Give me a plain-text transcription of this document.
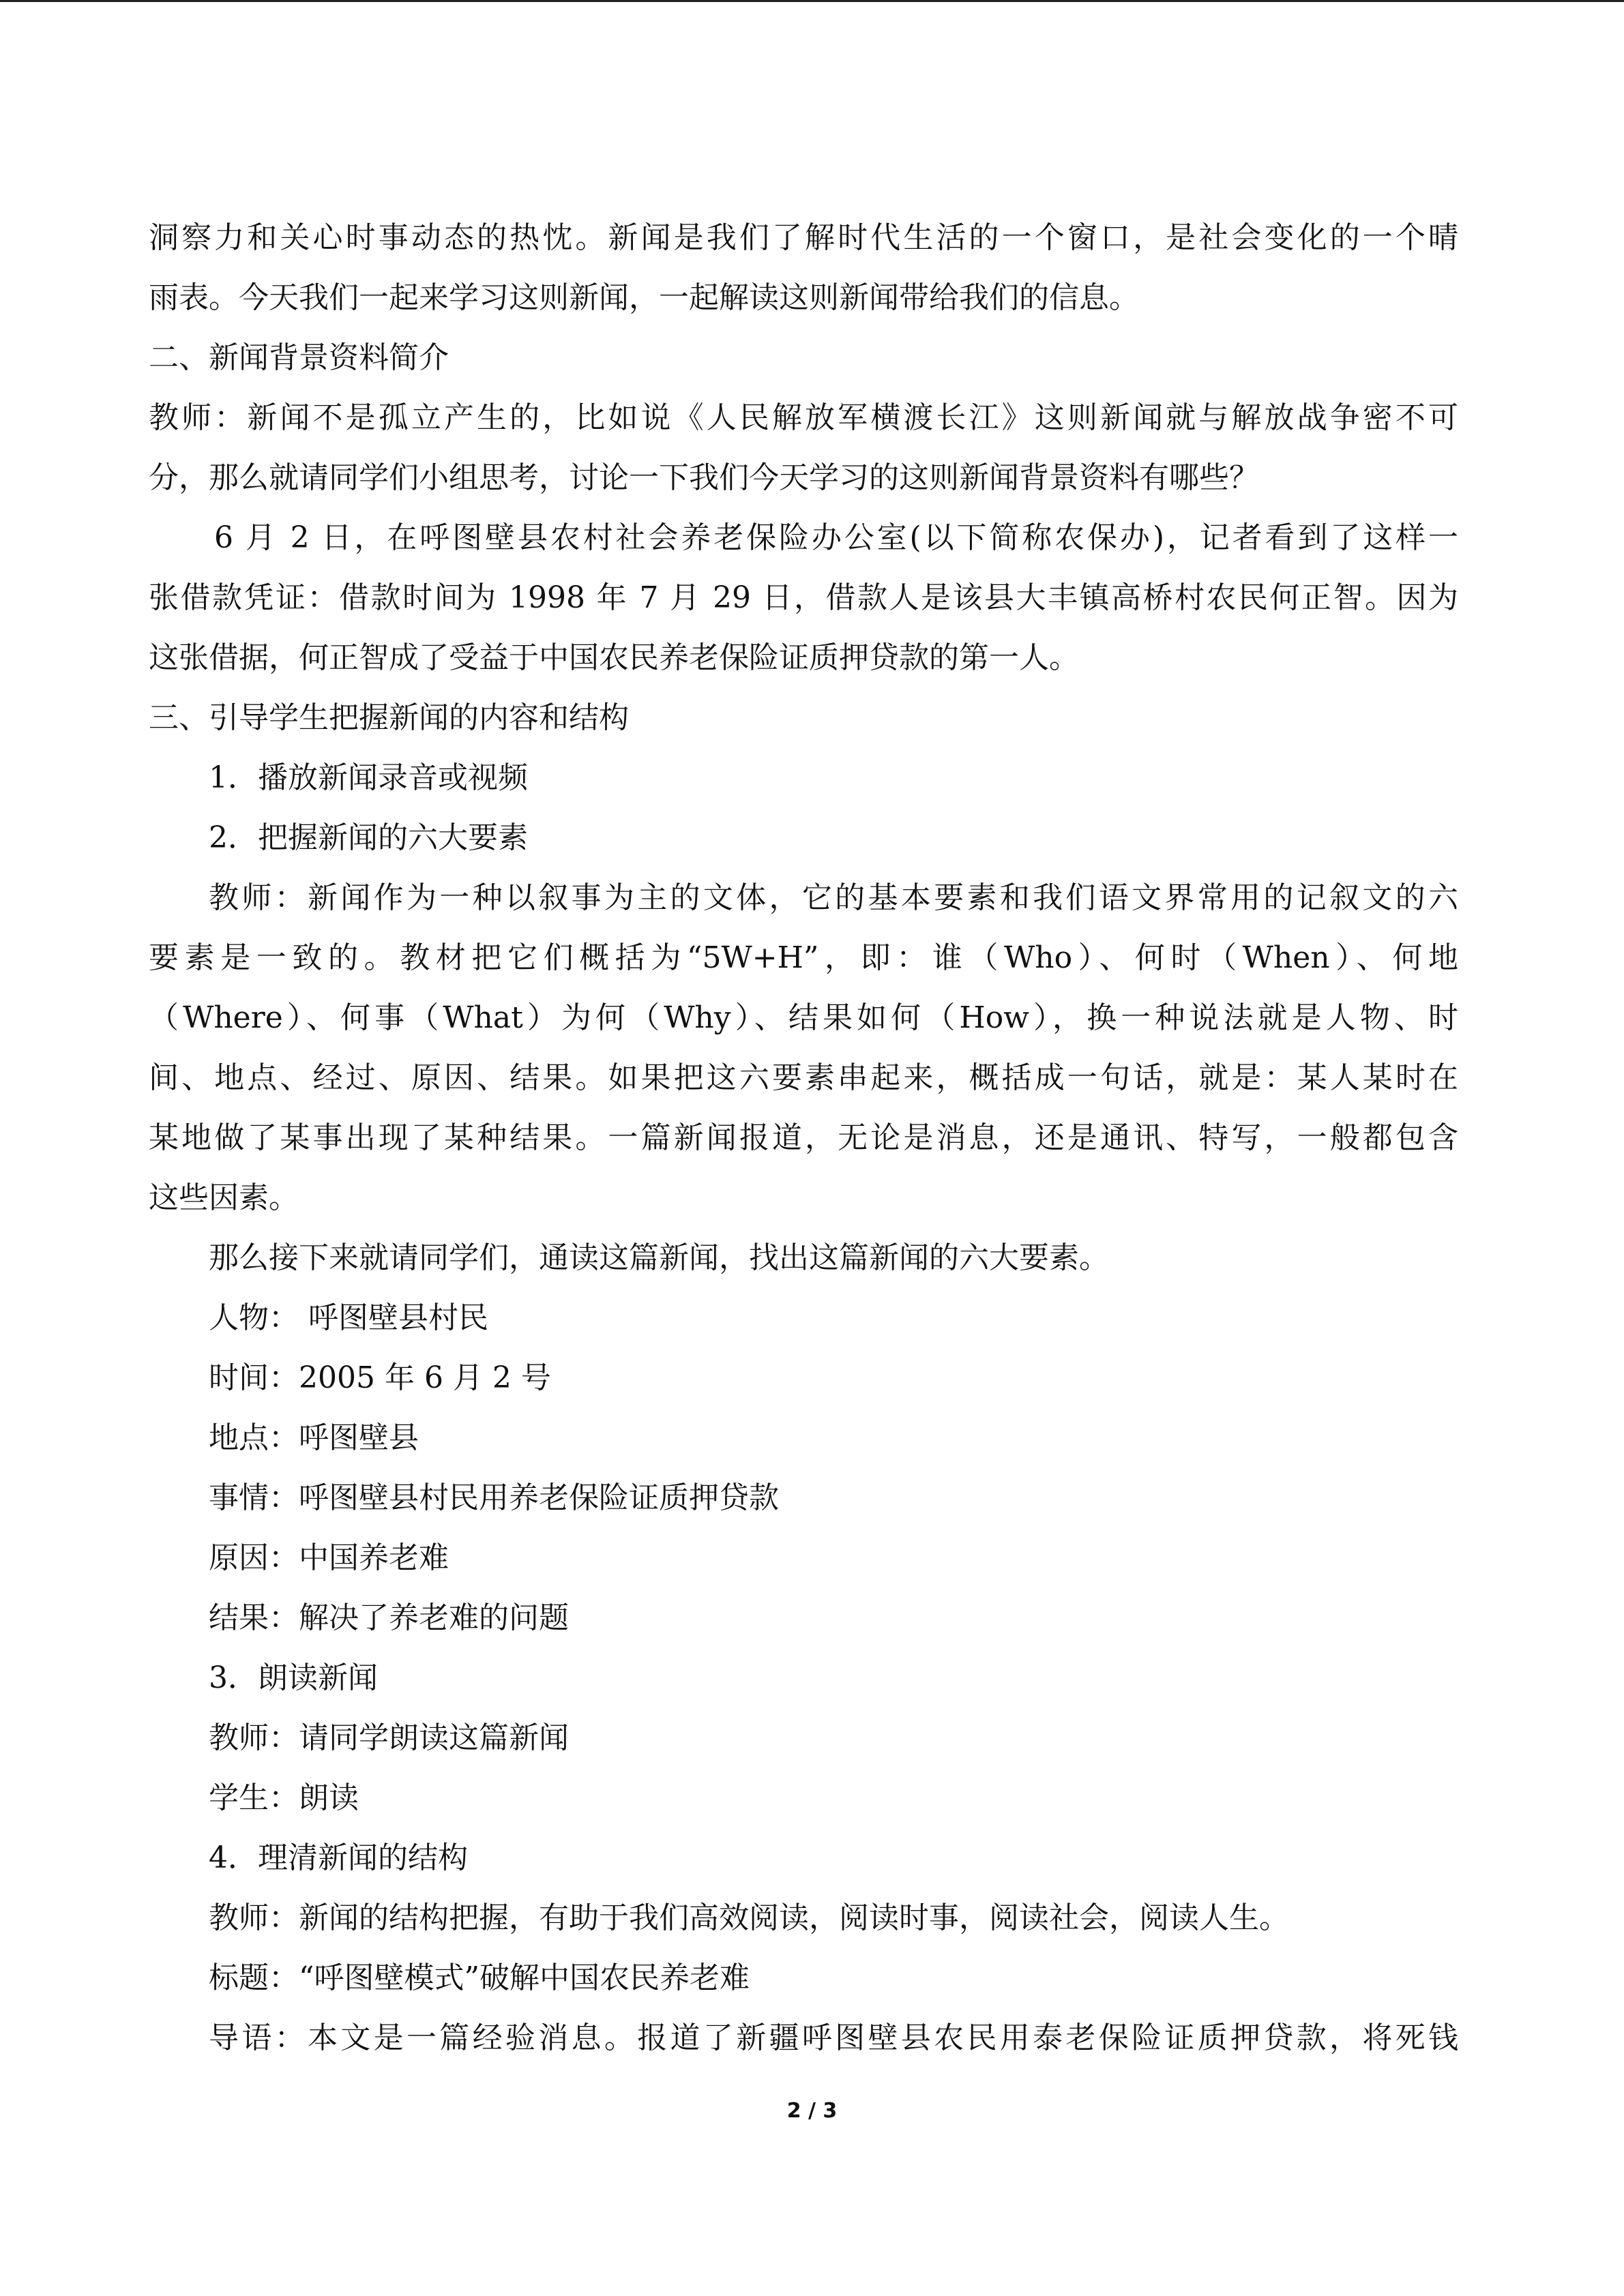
洞察力和关心时事动态的热忱。新闻是我们了解时代生活的一个窗口，是社会变化的一个晴
雨表。今天我们一起来学习这则新闻，一起解读这则新闻带给我们的信息。
二、新闻背景资料简介
教师：新闻不是孤立产生的，比如说《人民解放军横渡长江》这则新闻就与解放战争密不可
分，那么就请同学们小组思考，讨论一下我们今天学习的这则新闻背景资料有哪些？
6 月 2 日，在呼图壁县农村社会养老保险办公室(以下简称农保办)，记者看到了这样一
张借款凭证：借款时间为 1998 年 7 月 29 日，借款人是该县大丰镇高桥村农民何正智。因为
这张借据，何正智成了受益于中国农民养老保险证质押贷款的第一人。
三、引导学生把握新闻的内容和结构
1．播放新闻录音或视频
2．把握新闻的六大要素
教师：新闻作为一种以叙事为主的文体，它的基本要素和我们语文界常用的记叙文的六
要素是一致的。教材把它们概括为“5W+H”，即：谁（Who）、何时（When）、何地
（Where）、何事（What）为何（Why）、结果如何（How），换一种说法就是人物、时
间、地点、经过、原因、结果。如果把这六要素串起来，概括成一句话，就是：某人某时在
某地做了某事出现了某种结果。一篇新闻报道，无论是消息，还是通讯、特写，一般都包含
这些因素。
那么接下来就请同学们，通读这篇新闻，找出这篇新闻的六大要素。
人物： 呼图壁县村民
时间：2005 年 6 月 2 号
地点：呼图壁县
事情：呼图壁县村民用养老保险证质押贷款
原因：中国养老难
结果：解决了养老难的问题
3．朗读新闻
教师：请同学朗读这篇新闻
学生：朗读
4．理清新闻的结构
教师：新闻的结构把握，有助于我们高效阅读，阅读时事，阅读社会，阅读人生。
标题：“呼图壁模式”破解中国农民养老难
导语：本文是一篇经验消息。报道了新疆呼图壁县农民用泰老保险证质押贷款，将死钱
2 / 3
